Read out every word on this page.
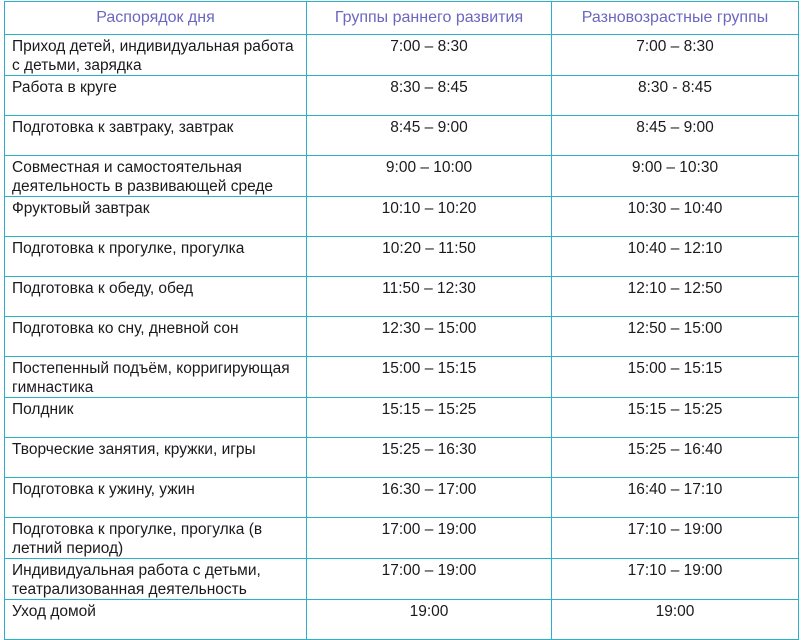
Распорядок дня	Группы раннего развития	Разновозрастные группы
Приход детей, индивидуальная работа с детьми, зарядка	7:00 – 8:30	7:00 – 8:30
Работа в круге	8:30 – 8:45	8:30 - 8:45
Подготовка к завтраку, завтрак	8:45 – 9:00	8:45 – 9:00
Совместная и самостоятельная деятельность в развивающей среде	9:00 – 10:00	9:00 – 10:30
Фруктовый завтрак	10:10 – 10:20	10:30 – 10:40
Подготовка к прогулке, прогулка	10:20 – 11:50	10:40 – 12:10
Подготовка к обеду, обед	11:50 – 12:30	12:10 – 12:50
Подготовка ко сну, дневной сон	12:30 – 15:00	12:50 – 15:00
Постепенный подъём, корригирующая гимнастика	15:00 – 15:15	15:00 – 15:15
Полдник	15:15 – 15:25	15:15 – 15:25
Творческие занятия, кружки, игры	15:25 – 16:30	15:25 – 16:40
Подготовка к ужину, ужин	16:30 – 17:00	16:40 – 17:10
Подготовка к прогулке, прогулка (в летний период)	17:00 – 19:00	17:10 – 19:00
Индивидуальная работа с детьми, театрализованная деятельность	17:00 – 19:00	17:10 – 19:00
Уход домой	19:00	19:00
